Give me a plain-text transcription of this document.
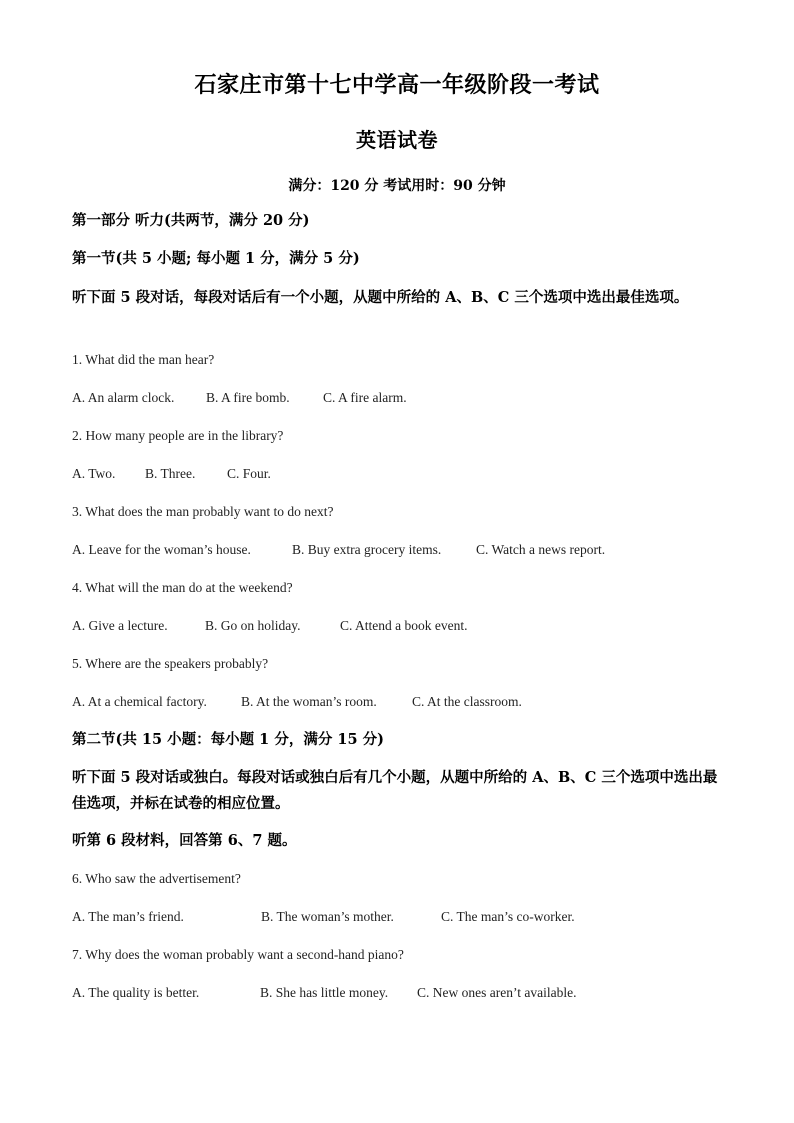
石家庄市第十七中学高一年级阶段一考试
英语试卷
满分：120 分 考试用时：90 分钟
第一部分 听力(共两节，满分 20 分)
第一节(共 5 小题; 每小题 1 分，满分 5 分)
听下面 5 段对话，每段对话后有一个小题，从题中所给的 A、B、C 三个选项中选出最佳选项。
1. What did the man hear?
A. An alarm clock. B. A fire bomb. C. A fire alarm.
2. How many people are in the library?
A. Two. B. Three. C. Four.
3. What does the man probably want to do next?
A. Leave for the woman’s house.	B. Buy extra grocery items.	C. Watch a news report.
4. What will the man do at the weekend?
A. Give a lecture.	B. Go on holiday.	C. Attend a book event.
5. Where are the speakers probably?
A. At a chemical factory.	B. At the woman’s room.	C. At the classroom.
第二节(共 15 小题：每小题 1 分，满分 15 分)
听下面 5 段对话或独白。每段对话或独白后有几个小题，从题中所给的 A、B、C 三个选项中选出最佳选项，并标在试卷的相应位置。
听第 6 段材料，回答第 6、7 题。
6. Who saw the advertisement?
A. The man’s friend.	B. The woman’s mother.	C. The man’s co-worker.
7. Why does the woman probably want a second-hand piano?
A. The quality is better.	B. She has little money. C. New ones aren’t available.
